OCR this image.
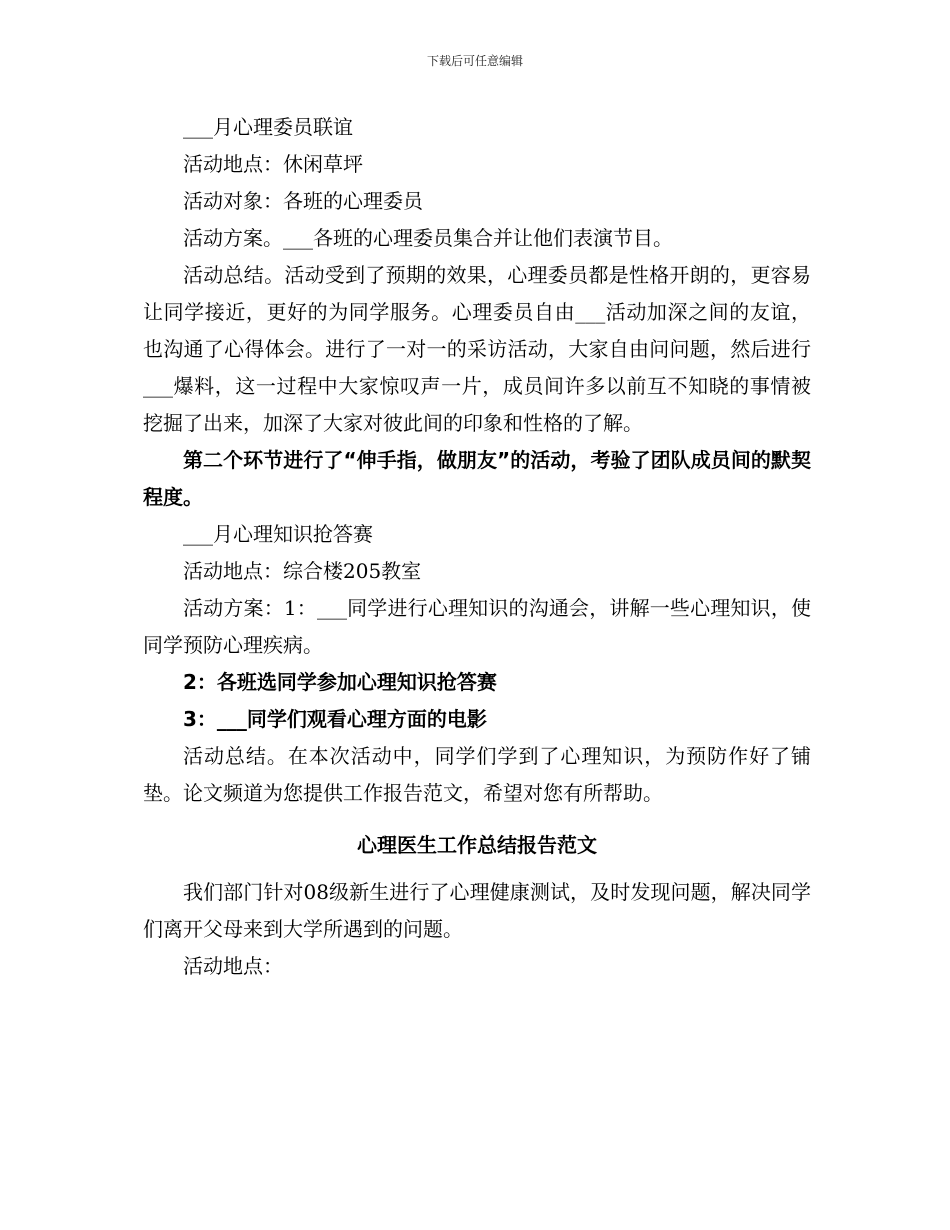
下载后可任意编辑

___月心理委员联谊

活动地点：休闲草坪

活动对象：各班的心理委员

活动方案。___各班的心理委员集合并让他们表演节目。

活动总结。活动受到了预期的效果，心理委员都是性格开朗的，更容易让同学接近，更好的为同学服务。心理委员自由___活动加深之间的友谊，也沟通了心得体会。进行了一对一的采访活动，大家自由问问题，然后进行___爆料，这一过程中大家惊叹声一片，成员间许多以前互不知晓的事情被挖掘了出来，加深了大家对彼此间的印象和性格的了解。

第二个环节进行了“伸手指，做朋友”的活动，考验了团队成员间的默契程度。

___月心理知识抢答赛

活动地点：综合楼205教室

活动方案：1：___同学进行心理知识的沟通会，讲解一些心理知识，使同学预防心理疾病。

2：各班选同学参加心理知识抢答赛

3：___同学们观看心理方面的电影

活动总结。在本次活动中，同学们学到了心理知识，为预防作好了铺垫。论文频道为您提供工作报告范文，希望对您有所帮助。

心理医生工作总结报告范文

我们部门针对08级新生进行了心理健康测试，及时发现问题，解决同学们离开父母来到大学所遇到的问题。

活动地点：
